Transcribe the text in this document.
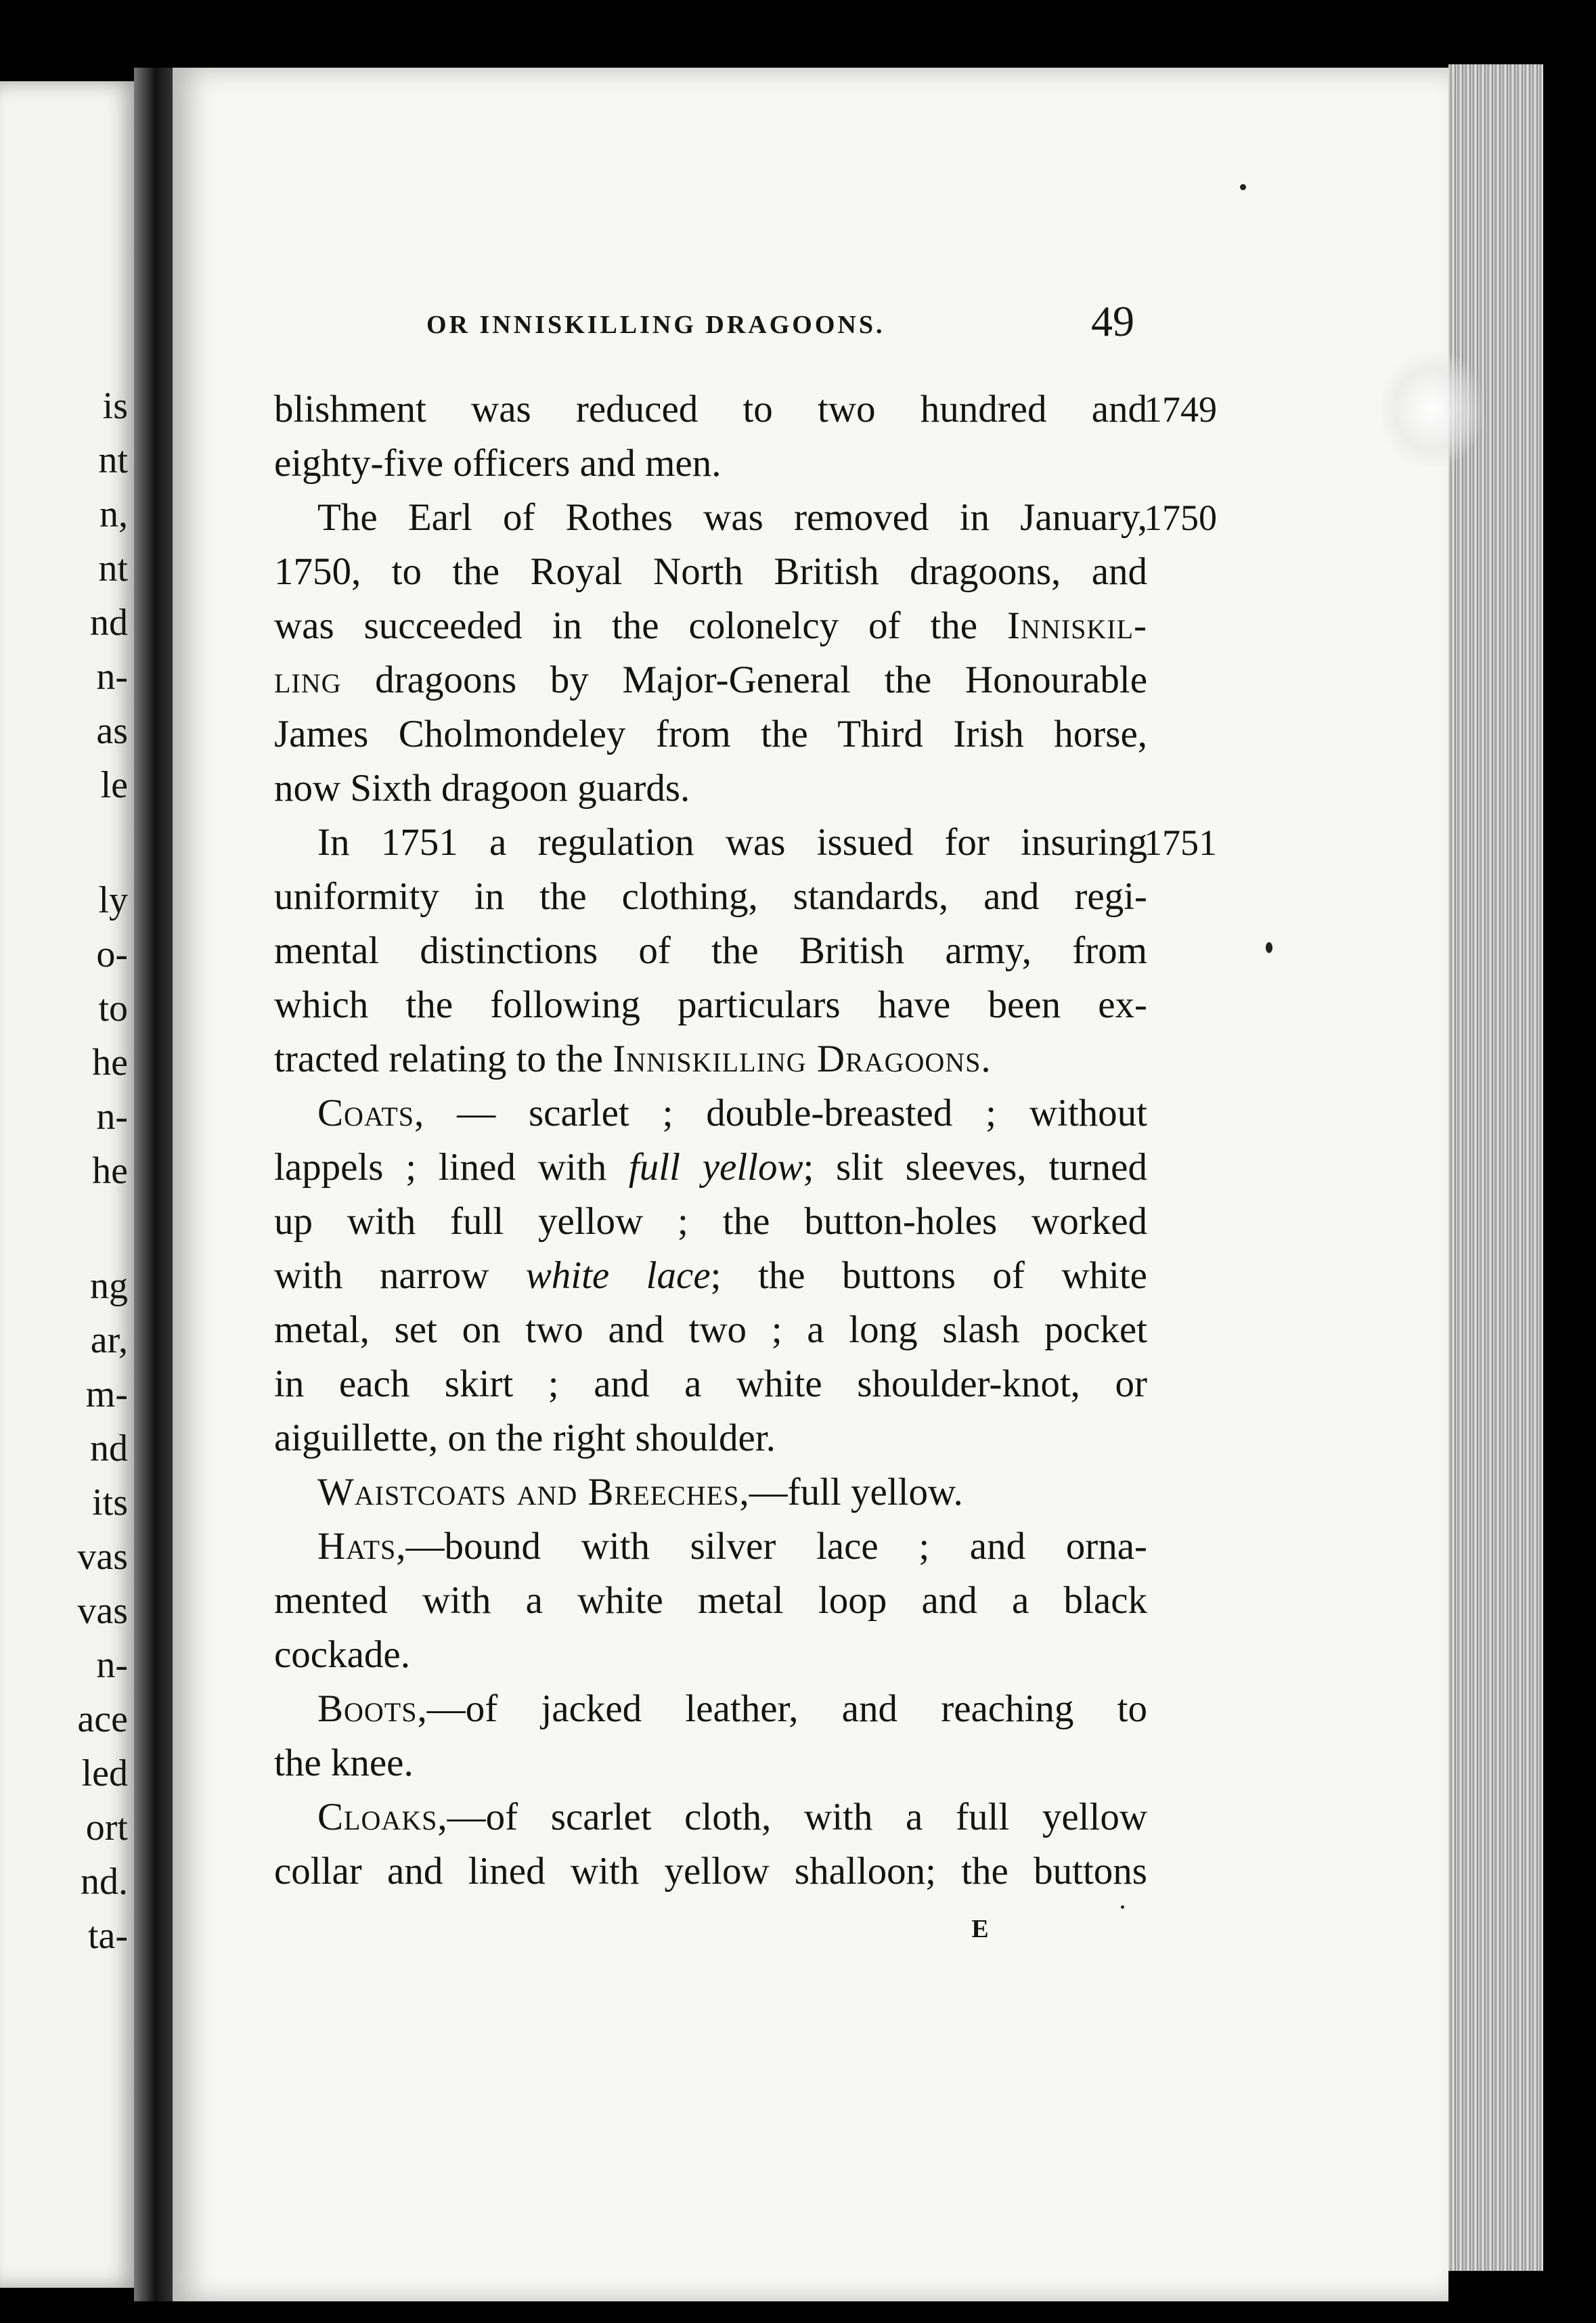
is
nt
n,
nt
nd
n-
as
le
ly
o-
to
he
n-
he
ng
ar,
m-
nd
its
vas
vas
n-
ace
led
ort
nd.
ta-
OR INNISKILLING DRAGOONS.	49
blishment was reduced to two hundred and
eighty-five officers and men.
The Earl of Rothes was removed in January,
1750, to the Royal North British dragoons, and
was succeeded in the colonelcy of the Inniskil-
ling dragoons by Major-General the Honourable
James Cholmondeley from the Third Irish horse,
now Sixth dragoon guards.
In 1751 a regulation was issued for insuring
uniformity in the clothing, standards, and regi-
mental distinctions of the British army, from
which the following particulars have been ex-
tracted relating to the Inniskilling Dragoons.
Coats, — scarlet ; double-breasted ; without
lappels ; lined with full yellow; slit sleeves, turned
up with full yellow ; the button-holes worked
with narrow white lace; the buttons of white
metal, set on two and two ; a long slash pocket
in each skirt ; and a white shoulder-knot, or
aiguillette, on the right shoulder.
Waistcoats and Breeches,—full yellow.
Hats,—bound with silver lace ; and orna-
mented with a white metal loop and a black
cockade.
Boots,—of jacked leather, and reaching to
the knee.
Cloaks,—of scarlet cloth, with a full yellow
collar and lined with yellow shalloon; the buttons
1749
1750
1751
E
